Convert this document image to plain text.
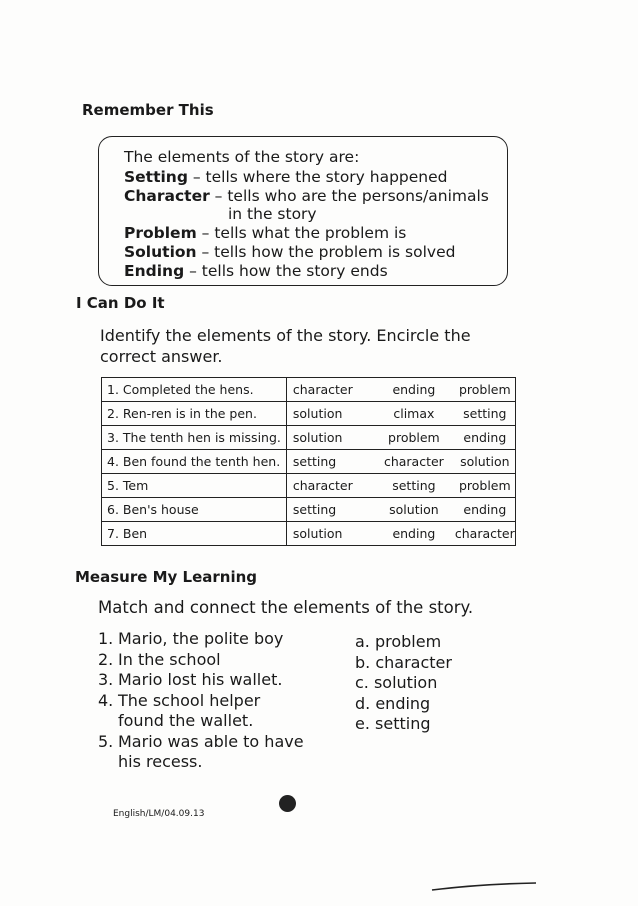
Remember This
The elements of the story are:
Setting – tells where the story happened
Character – tells who are the persons/animals
in the story
Problem – tells what the problem is
Solution – tells how the problem is solved
Ending – tells how the story ends
I Can Do It
Identify the elements of the story. Encircle the correct answer.
1. Completed the hens.	character ending problem

2. Ren-ren is in the pen.	solution climax setting

3. The tenth hen is missing.	solution problem ending

4. Ben found the tenth hen.	setting character solution

5. Tem	character setting problem

6. Ben's house	setting solution ending

7. Ben	solution ending character
Measure My Learning
Match and connect the elements of the story.
1. Mario, the polite boy
2. In the school
3. Mario lost his wallet.
4. The school helper found the wallet.
5. Mario was able to have his recess.
a. problem
b. character
c. solution
d. ending
e. setting
English/LM/04.09.13
